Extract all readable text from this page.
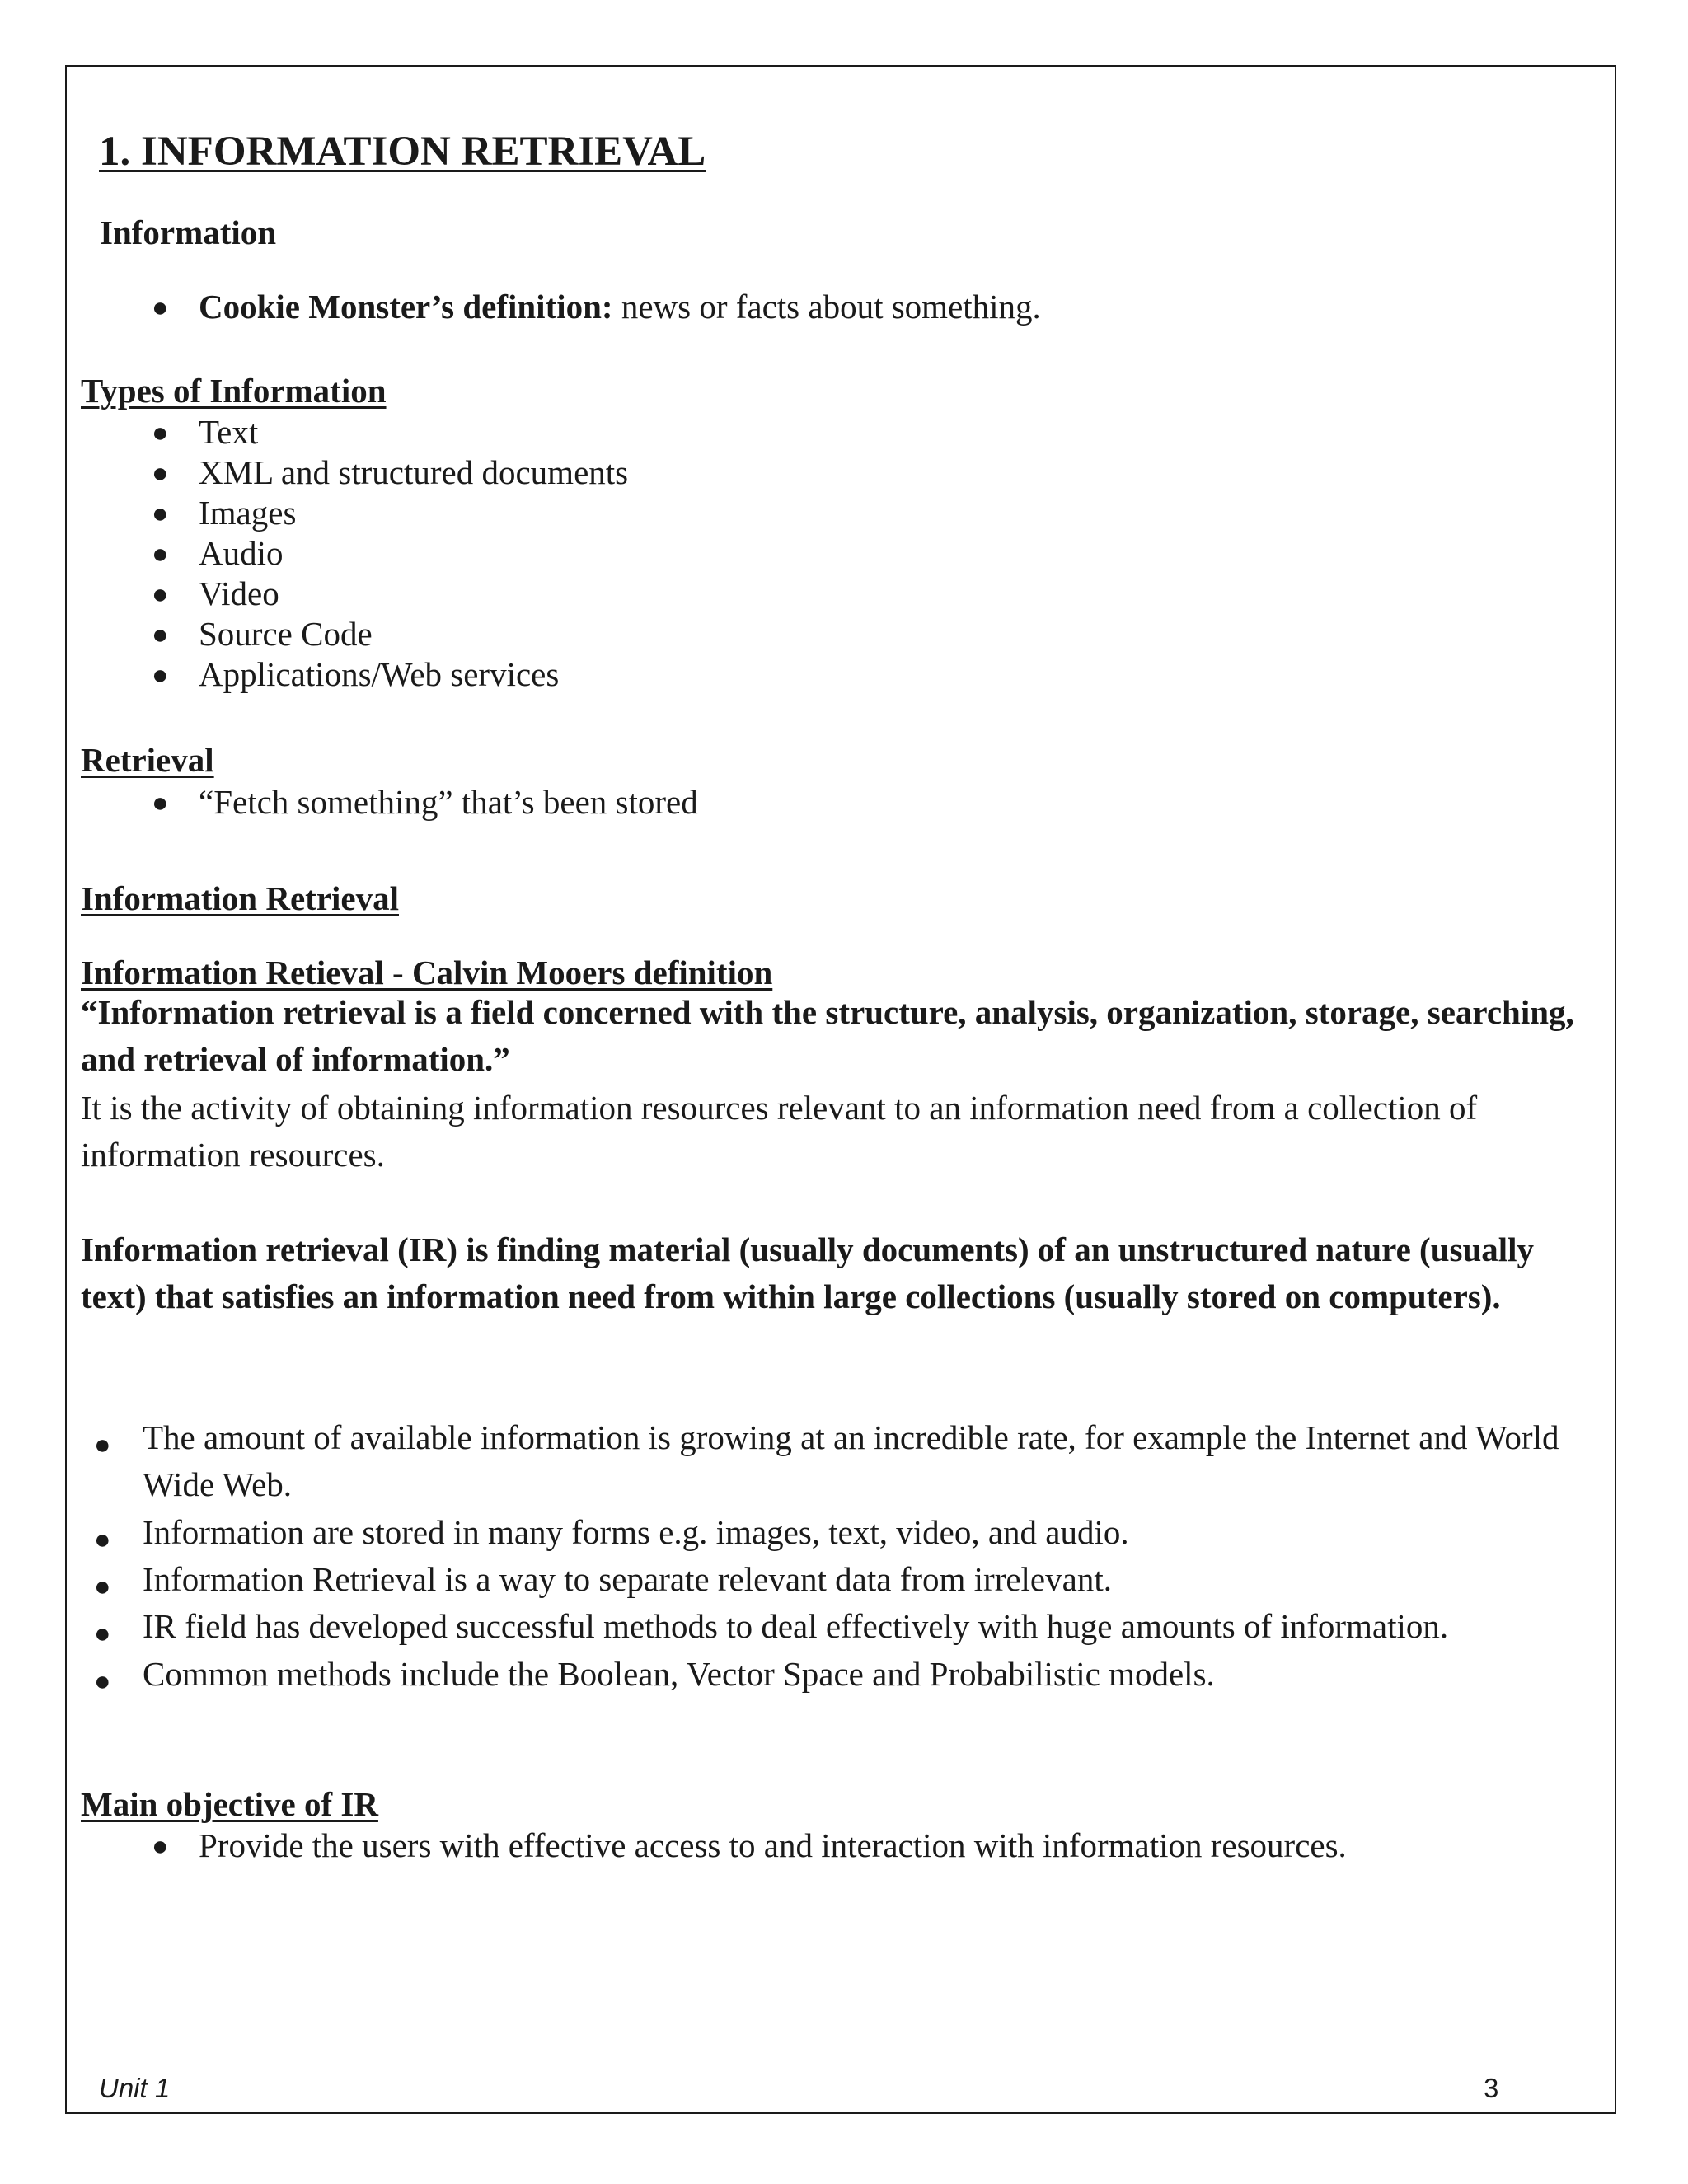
1. INFORMATION RETRIEVAL
Information
● Cookie Monster’s definition: news or facts about something.
Types of Information
● Text
● XML and structured documents
● Images
● Audio
● Video
● Source Code
● Applications/Web services
Retrieval
● “Fetch something” that’s been stored
Information Retrieval
Information Retieval - Calvin Mooers definition
“Information retrieval is a field concerned with the structure, analysis, organization, storage, searching, and retrieval of information.”
It is the activity of obtaining information resources relevant to an information need from a collection of information resources.
Information retrieval (IR) is finding material (usually documents) of an unstructured nature (usually text) that satisfies an information need from within large collections (usually stored on computers).
● The amount of available information is growing at an incredible rate, for example the Internet and World Wide Web.
● Information are stored in many forms e.g. images, text, video, and audio.
● Information Retrieval is a way to separate relevant data from irrelevant.
● IR field has developed successful methods to deal effectively with huge amounts of information.
● Common methods include the Boolean, Vector Space and Probabilistic models.
Main objective of IR
● Provide the users with effective access to and interaction with information resources.
Unit 1	3
